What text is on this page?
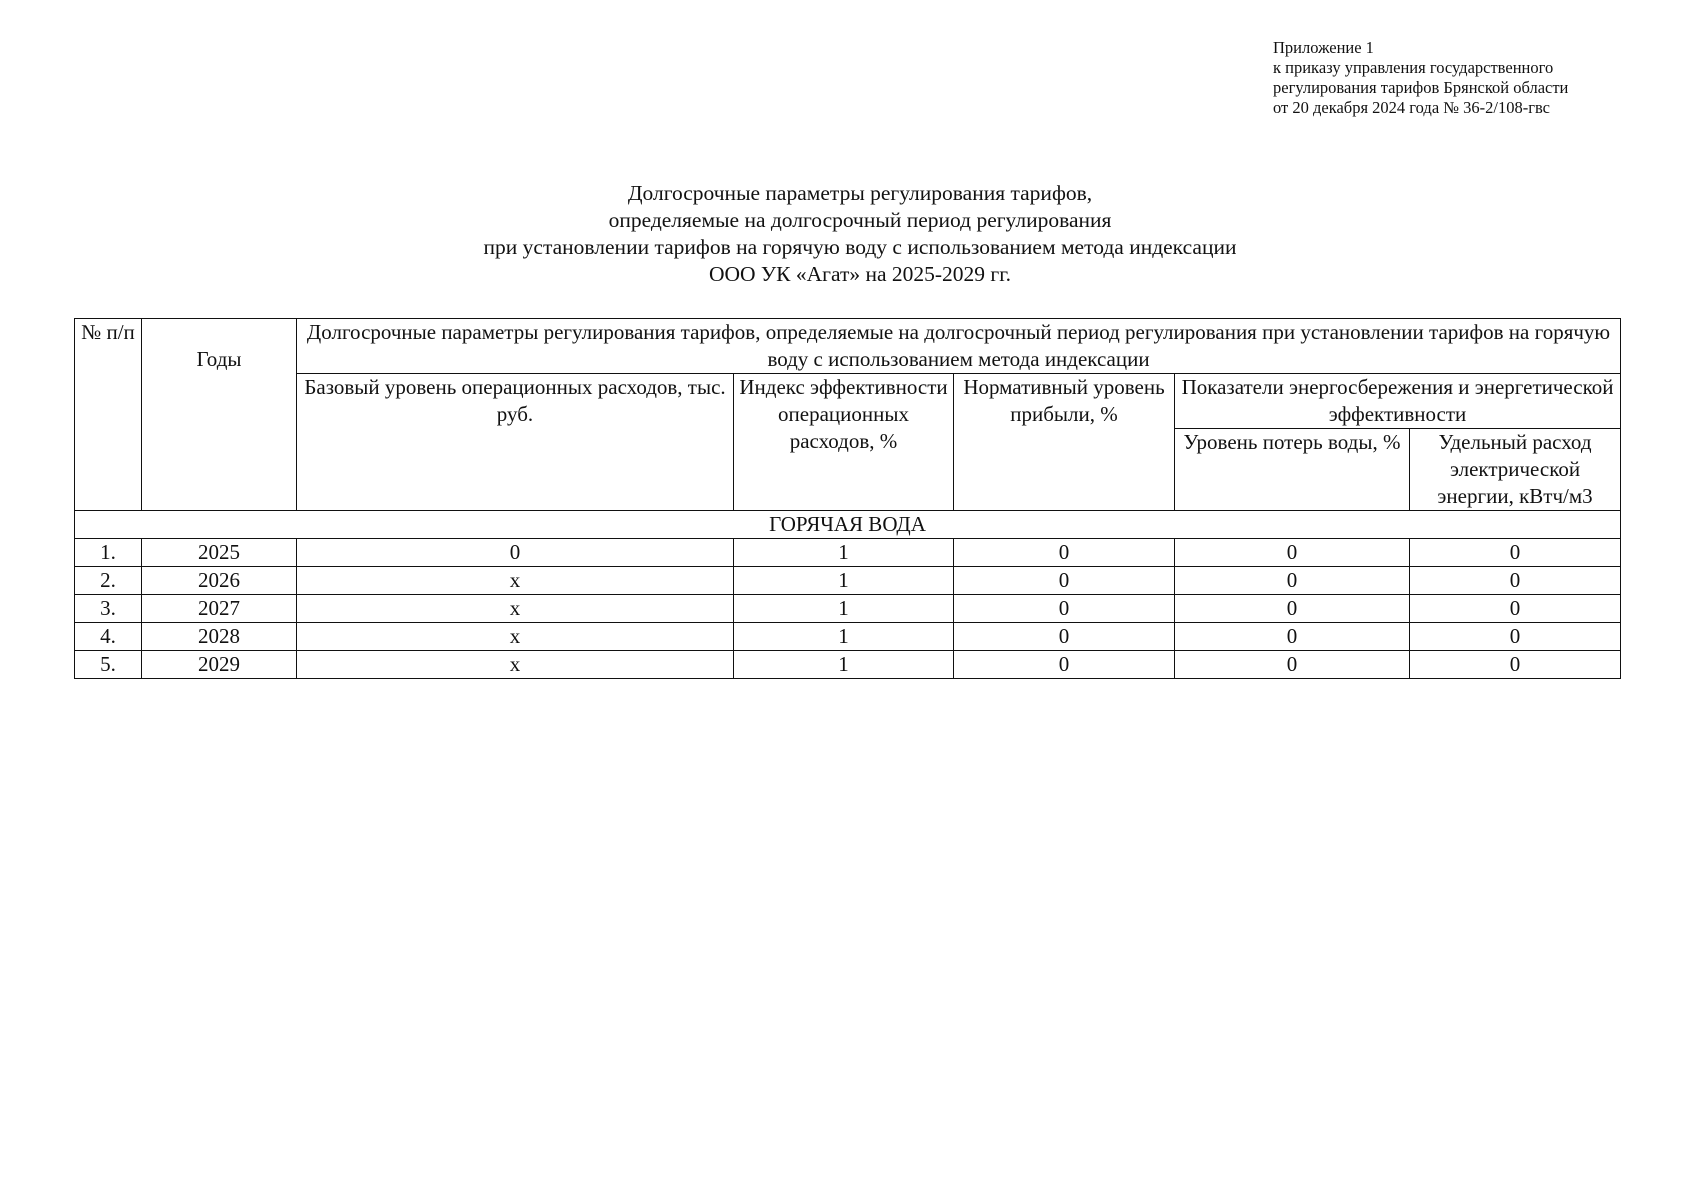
Приложение 1
к приказу управления государственного
регулирования тарифов Брянской области
от 20 декабря 2024 года № 36-2/108-гвс
Долгосрочные параметры регулирования тарифов,
определяемые на долгосрочный период регулирования
при установлении тарифов на горячую воду с использованием метода индексации
ООО УК «Агат» на 2025-2029 гг.
№ п/п	Годы	Долгосрочные параметры регулирования тарифов, определяемые на долгосрочный период регулирования при установлении тарифов на горячую воду с использованием метода индексации				
		Базовый уровень операционных расходов, тыс. руб.	Индекс эффективности операционных расходов, %	Нормативный уровень прибыли, %	Показатели энергосбережения и энергетической эффективности	
					Уровень потерь воды, %	Удельный расход электрической энергии, кВтч/м3
ГОРЯЧАЯ ВОДА						
1.	2025	0	1	0	0	0
2.	2026	х	1	0	0	0
3.	2027	х	1	0	0	0
4.	2028	х	1	0	0	0
5.	2029	х	1	0	0	0
